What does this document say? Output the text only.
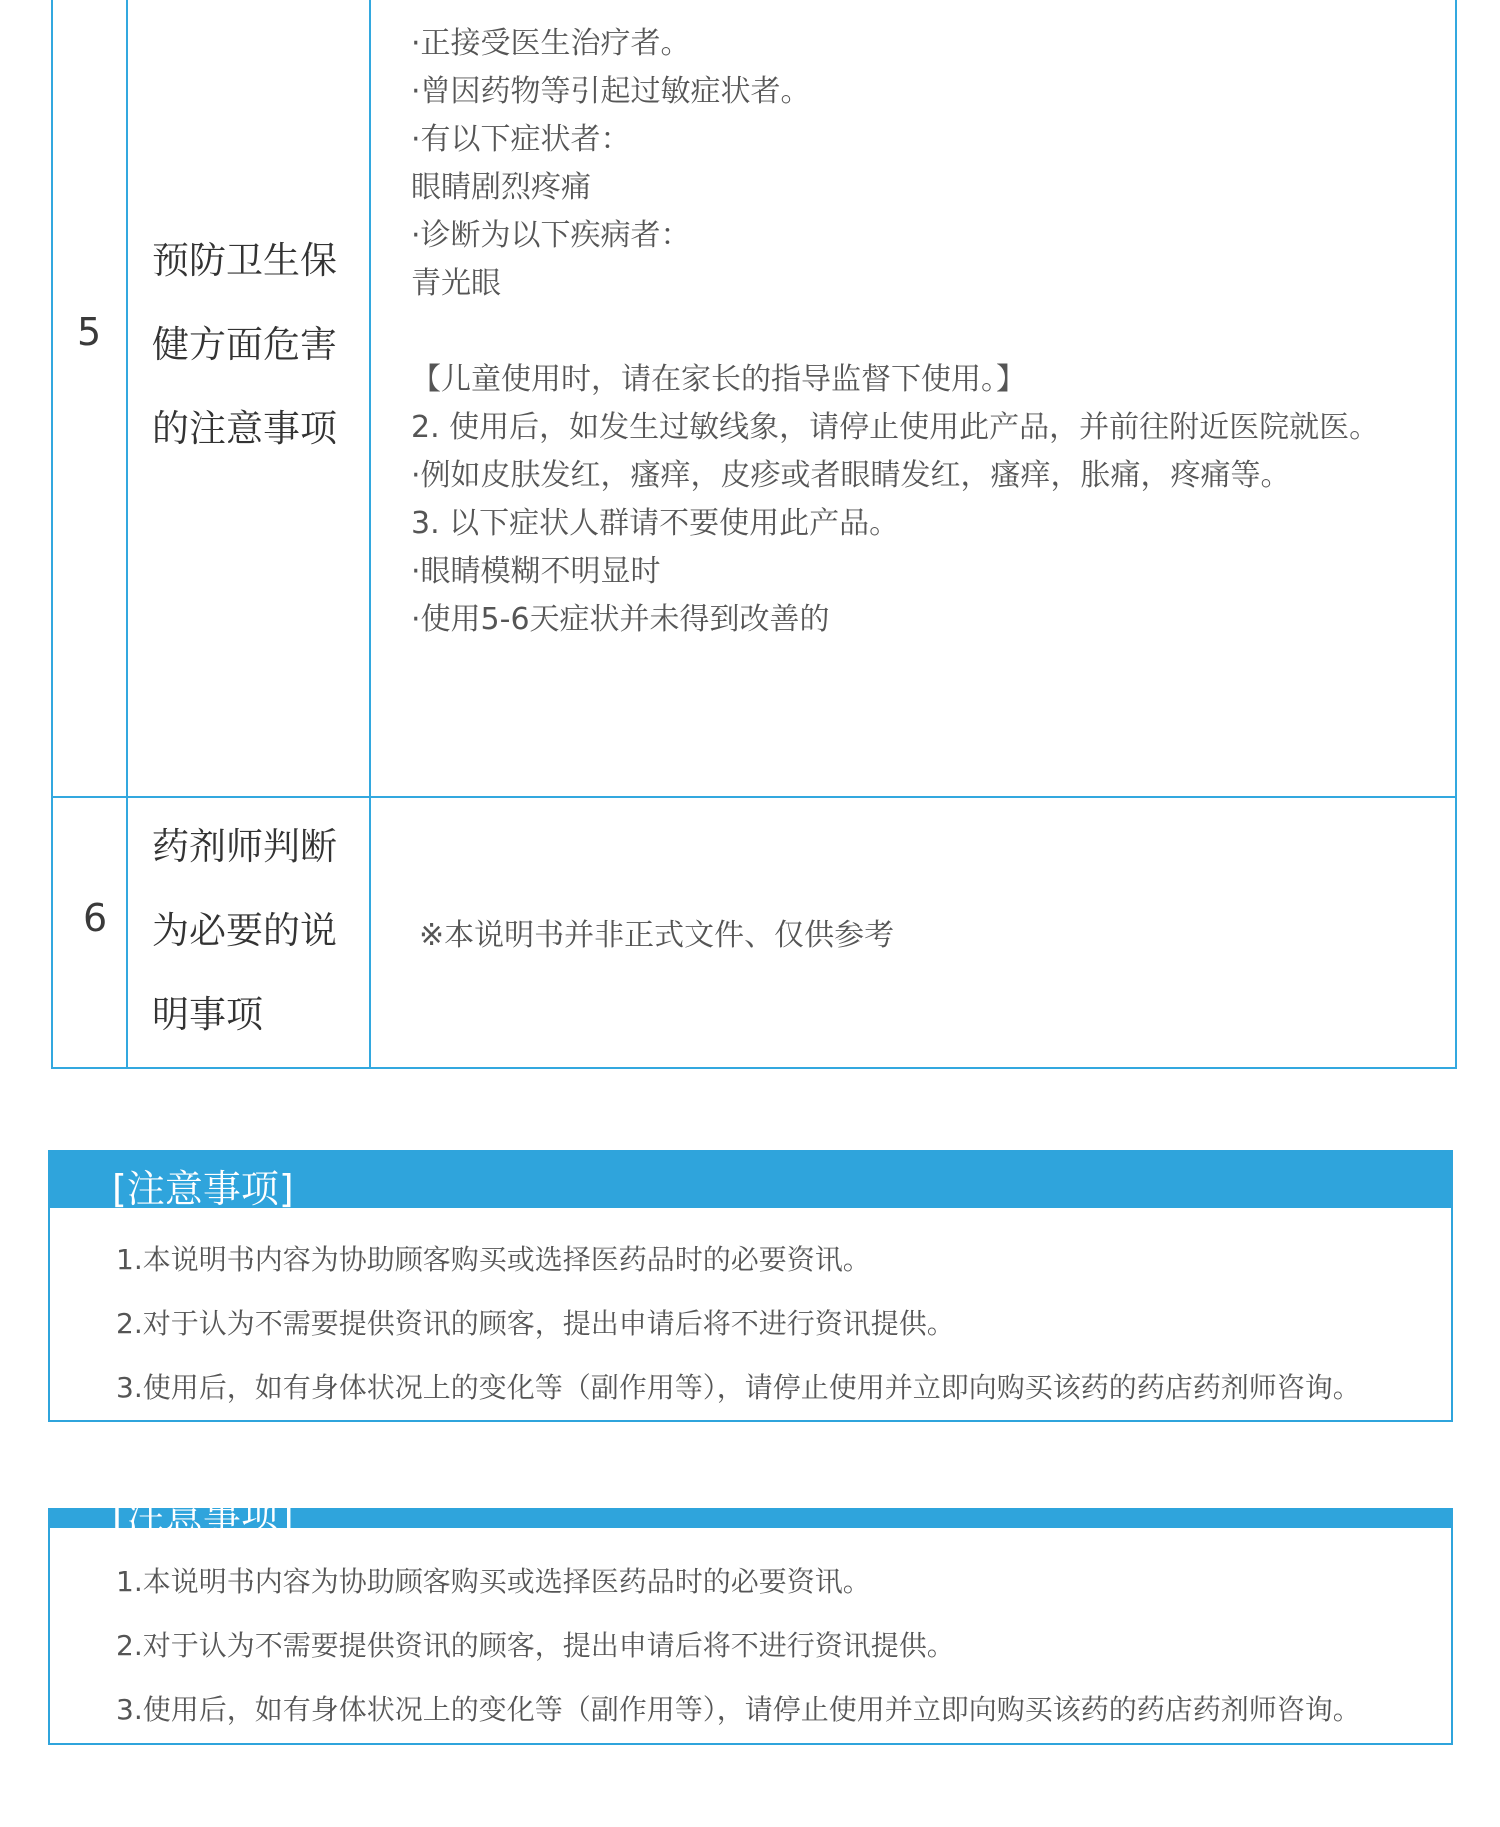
5
预防卫生保
健方面危害
的注意事项
·正接受医生治疗者。
·曾因药物等引起过敏症状者。
·有以下症状者：
眼睛剧烈疼痛
·诊断为以下疾病者：
青光眼
【儿童使用时，请在家长的指导监督下使用。】
2. 使用后，如发生过敏线象，请停止使用此产品，并前往附近医院就医。
·例如皮肤发红，瘙痒，皮疹或者眼睛发红，瘙痒，胀痛，疼痛等。
3. 以下症状人群请不要使用此产品。
·眼睛模糊不明显时
·使用5-6天症状并未得到改善的
6
药剂师判断
为必要的说
明事项
※本说明书并非正式文件、仅供参考
[注意事项]
1.本说明书内容为协助顾客购买或选择医药品时的必要资讯。
2.对于认为不需要提供资讯的顾客，提出申请后将不进行资讯提供。
3.使用后，如有身体状况上的变化等（副作用等），请停止使用并立即向购买该药的药店药剂师咨询。
[注意事项]
1.本说明书内容为协助顾客购买或选择医药品时的必要资讯。
2.对于认为不需要提供资讯的顾客，提出申请后将不进行资讯提供。
3.使用后，如有身体状况上的变化等（副作用等），请停止使用并立即向购买该药的药店药剂师咨询。
